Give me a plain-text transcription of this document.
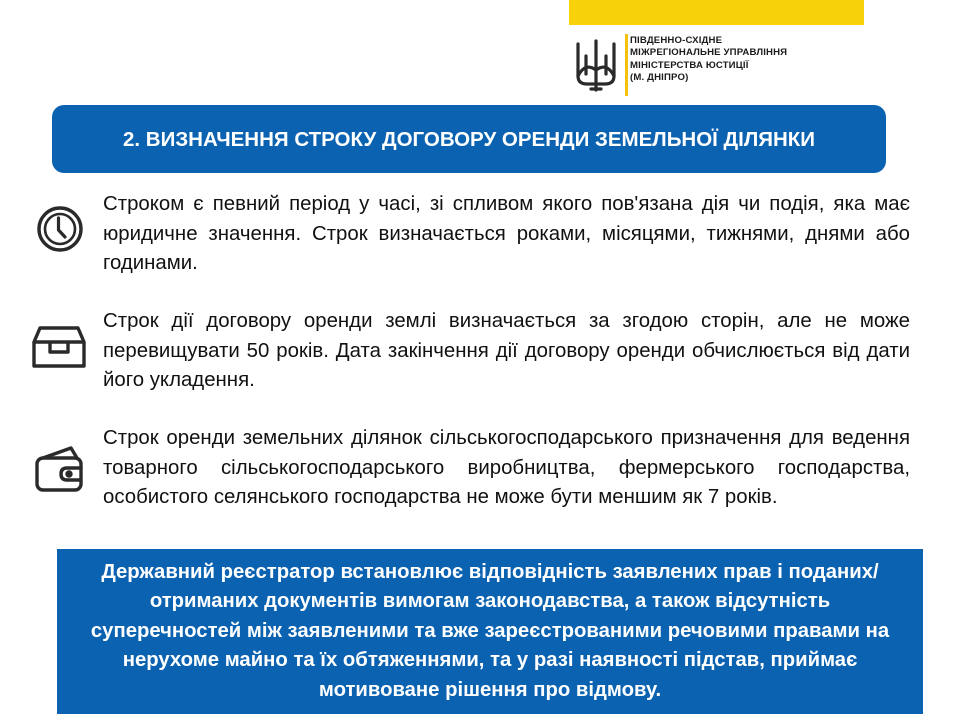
ПІВДЕННО-СХІДНЕ
МІЖРЕГІОНАЛЬНЕ УПРАВЛІННЯ
МІНІСТЕРСТВА ЮСТИЦІЇ
(М. ДНІПРО)

2. ВИЗНАЧЕННЯ СТРОКУ ДОГОВОРУ ОРЕНДИ ЗЕМЕЛЬНОЇ ДІЛЯНКИ

Строком є певний період у часі, зі спливом якого пов'язана дія чи подія, яка має юридичне значення. Строк визначається роками, місяцями, тижнями, днями або годинами.

Строк дії договору оренди землі визначається за згодою сторін, але не може перевищувати 50 років. Дата закінчення дії договору оренди обчислюється від дати його укладення.

Строк оренди земельних ділянок сільськогосподарського призначення для ведення товарного сільськогосподарського виробництва, фермерського господарства, особистого селянського господарства не може бути меншим як 7 років.

Державний реєстратор встановлює відповідність заявлених прав і поданих/отриманих документів вимогам законодавства, а також відсутність суперечностей між заявленими та вже зареєстрованими речовими правами на нерухоме майно та їх обтяженнями, та у разі наявності підстав, приймає мотивоване рішення про відмову.
